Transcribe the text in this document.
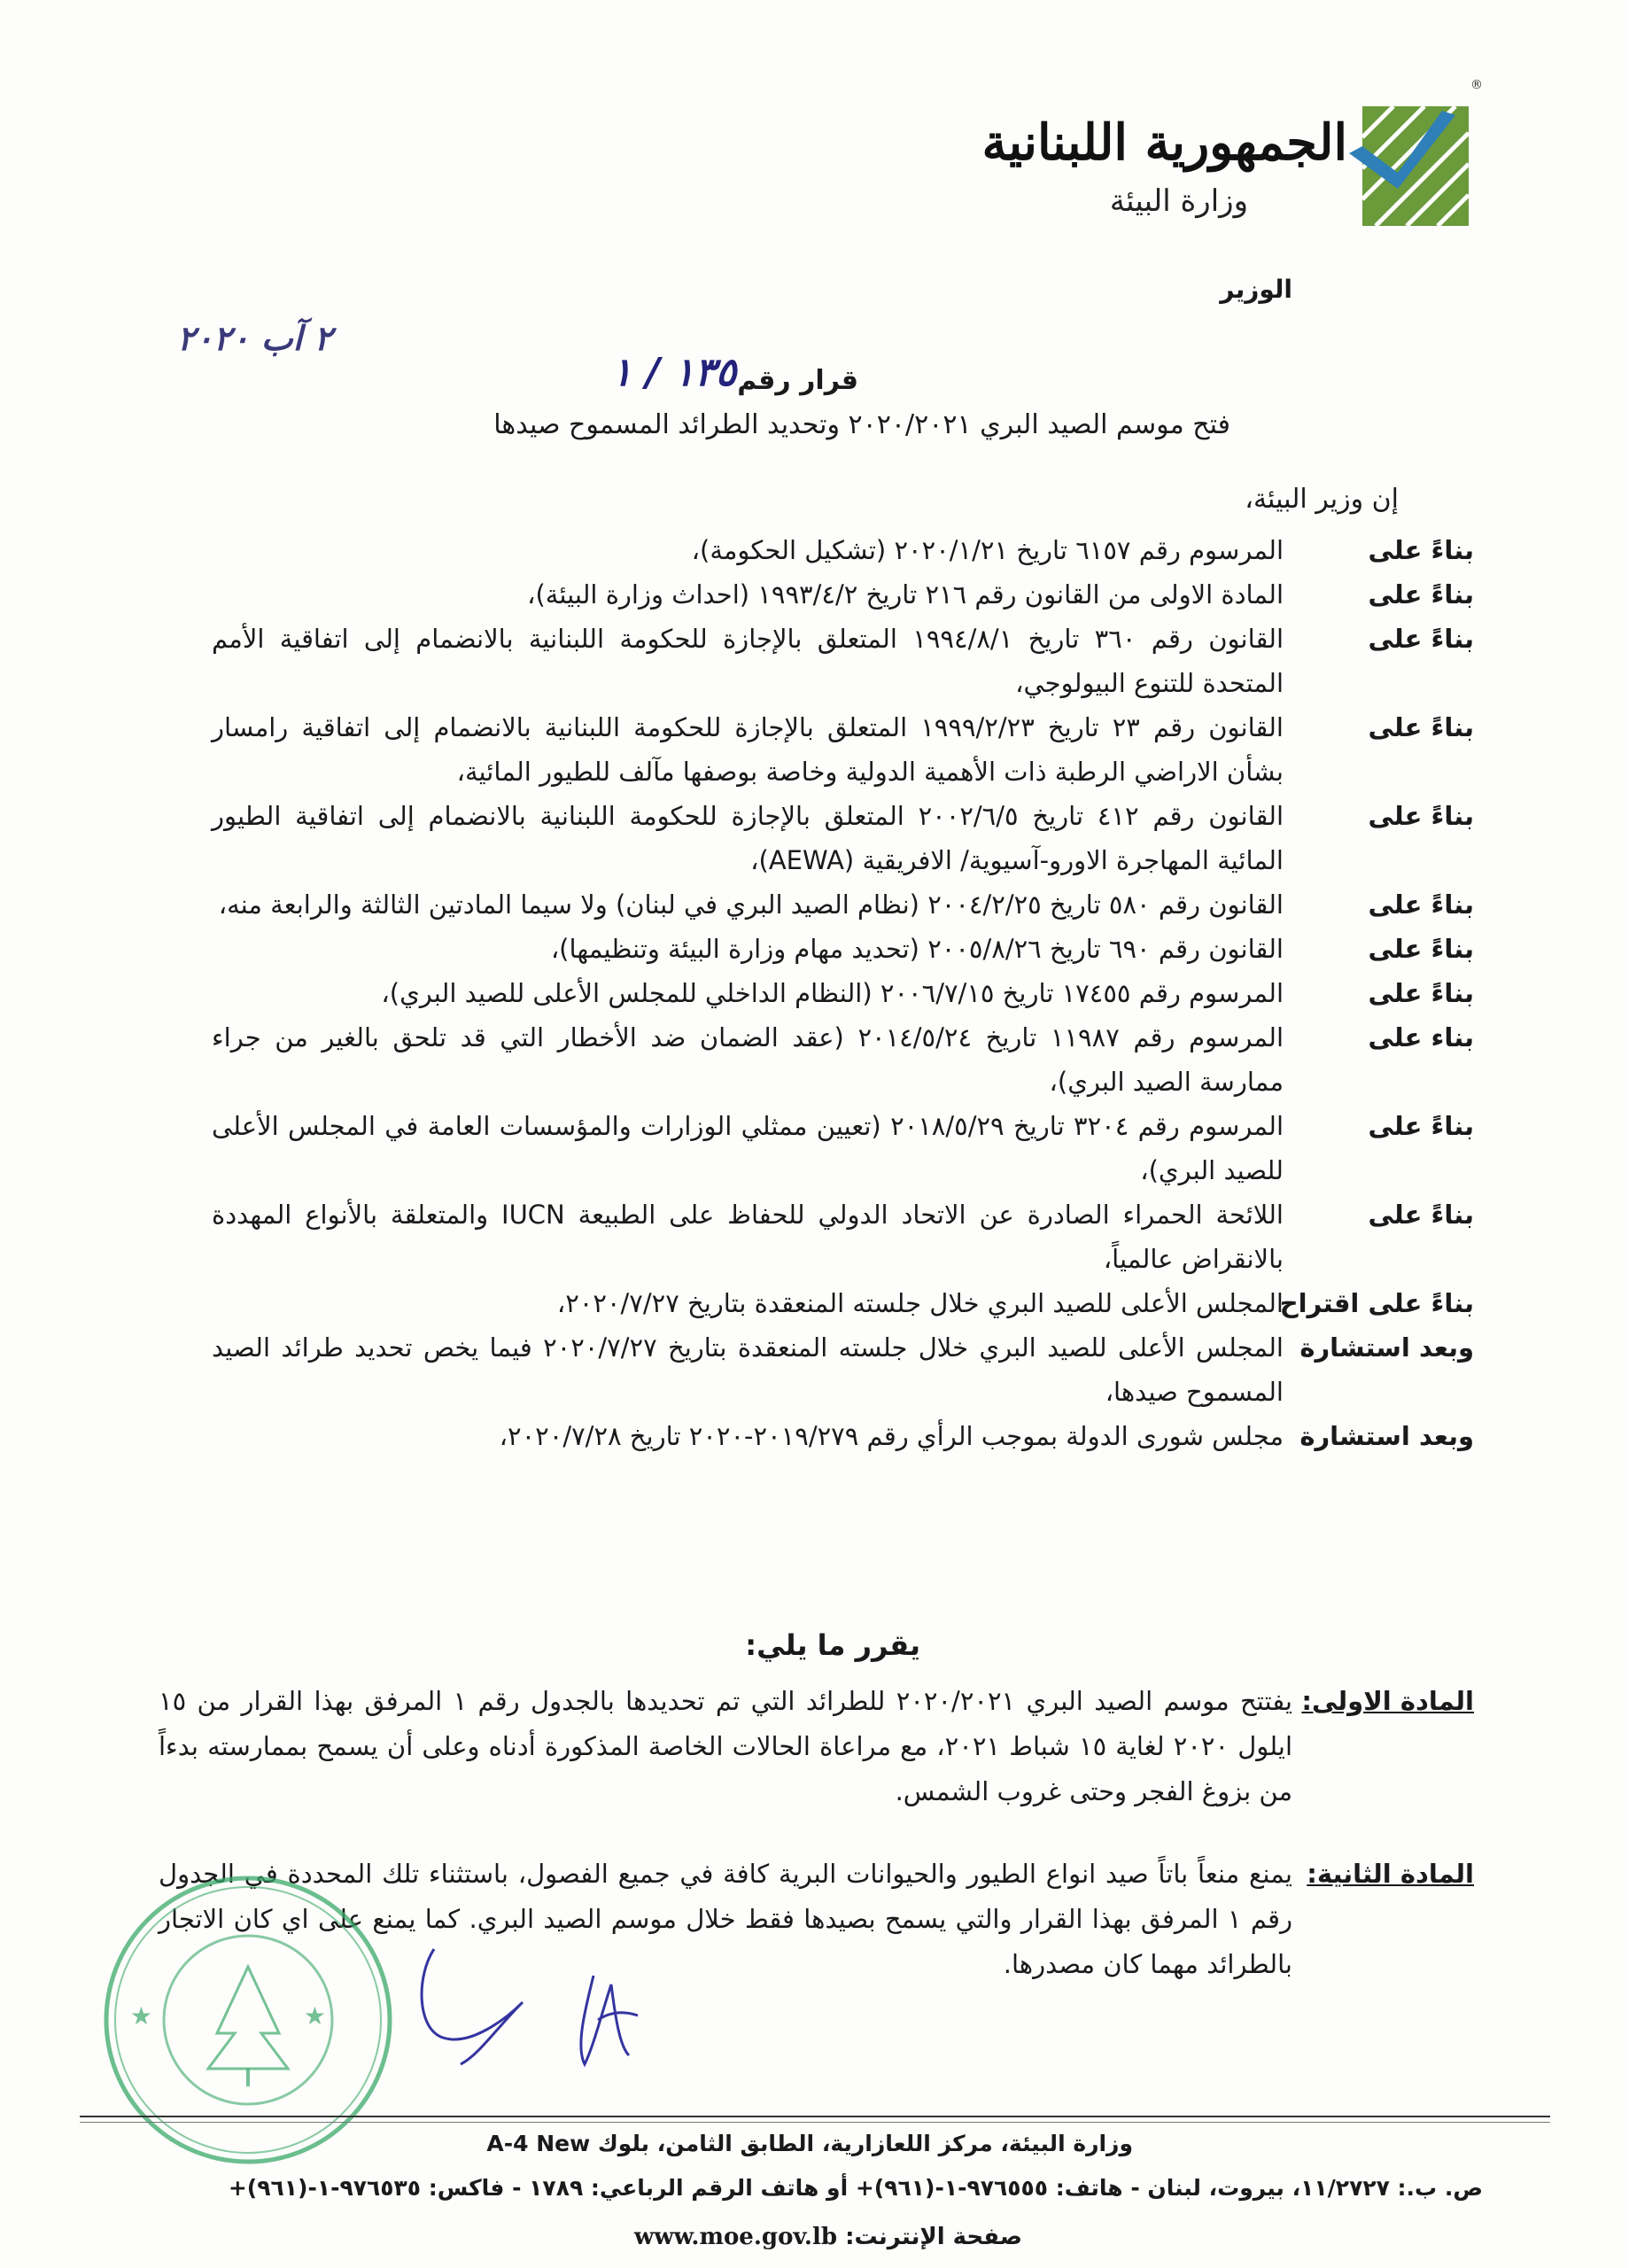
®
الجمهورية اللبنانية
وزارة البيئة
الوزير
٢ آب ٢٠٢٠
قرار رقم
١٣٥ / ١
فتح موسم الصيد البري ٢٠٢٠/٢٠٢١ وتحديد الطرائد المسموح صيدها
إن وزير البيئة،
بناءً على
المرسوم رقم ٦١٥٧ تاريخ ٢٠٢٠/١/٢١ (تشكيل الحكومة)،
بناءً على
المادة الاولى من القانون رقم ٢١٦ تاريخ ١٩٩٣/٤/٢ (احداث وزارة البيئة)،
بناءً على
القانون رقم ٣٦٠ تاريخ ١٩٩٤/٨/١ المتعلق بالإجازة للحكومة اللبنانية بالانضمام إلى اتفاقية الأمم المتحدة للتنوع البيولوجي،
بناءً على
القانون رقم ٢٣ تاريخ ١٩٩٩/٢/٢٣ المتعلق بالإجازة للحكومة اللبنانية بالانضمام إلى اتفاقية رامسار بشأن الاراضي الرطبة ذات الأهمية الدولية وخاصة بوصفها مآلف للطيور المائية،
بناءً على
القانون رقم ٤١٢ تاريخ ٢٠٠٢/٦/٥ المتعلق بالإجازة للحكومة اللبنانية بالانضمام إلى اتفاقية الطيور المائية المهاجرة الاورو-آسيوية/ الافريقية (AEWA)،
بناءً على
القانون رقم ٥٨٠ تاريخ ٢٠٠٤/٢/٢٥ (نظام الصيد البري في لبنان) ولا سيما المادتين الثالثة والرابعة منه،
بناءً على
القانون رقم ٦٩٠ تاريخ ٢٠٠٥/٨/٢٦ (تحديد مهام وزارة البيئة وتنظيمها)،
بناءً على
المرسوم رقم ١٧٤٥٥ تاريخ ٢٠٠٦/٧/١٥ (النظام الداخلي للمجلس الأعلى للصيد البري)،
بناء على
المرسوم رقم ١١٩٨٧ تاريخ ٢٠١٤/٥/٢٤ (عقد الضمان ضد الأخطار التي قد تلحق بالغير من جراء ممارسة الصيد البري)،
بناءً على
المرسوم رقم ٣٢٠٤ تاريخ ٢٠١٨/٥/٢٩ (تعيين ممثلي الوزارات والمؤسسات العامة في المجلس الأعلى للصيد البري)،
بناءً على
اللائحة الحمراء الصادرة عن الاتحاد الدولي للحفاظ على الطبيعة IUCN والمتعلقة بالأنواع المهددة بالانقراض عالمياً،
بناءً على اقتراح
المجلس الأعلى للصيد البري خلال جلسته المنعقدة بتاريخ ٢٠٢٠/٧/٢٧،
وبعد استشارة
المجلس الأعلى للصيد البري خلال جلسته المنعقدة بتاريخ ٢٠٢٠/٧/٢٧ فيما يخص تحديد طرائد الصيد المسموح صيدها،
وبعد استشارة
مجلس شورى الدولة بموجب الرأي رقم ٢٠١٩/٢٧٩-٢٠٢٠ تاريخ ٢٠٢٠/٧/٢٨،
يقرر ما يلي:
المادة الاولى:
يفتتح موسم الصيد البري ٢٠٢٠/٢٠٢١ للطرائد التي تم تحديدها بالجدول رقم ١ المرفق بهذا القرار من ١٥ ايلول ٢٠٢٠ لغاية ١٥ شباط ٢٠٢١، مع مراعاة الحالات الخاصة المذكورة أدناه وعلى أن يسمح بممارسته بدءاً من بزوغ الفجر وحتى غروب الشمس.
المادة الثانية:
يمنع منعاً باتاً صيد انواع الطيور والحيوانات البرية كافة في جميع الفصول، باستثناء تلك المحددة في الجدول رقم ١ المرفق بهذا القرار والتي يسمح بصيدها فقط خلال موسم الصيد البري. كما يمنع على اي كان الاتجار بالطرائد مهما كان مصدرها.
★	★
وزارة البيئة، مركز اللعازارية، الطابق الثامن، بلوك A-4 New
ص. ب.: ١١/٢٧٢٧، بيروت، لبنان - هاتف: ٩٧٦٥٥٥-١-(٩٦١)+ أو هاتف الرقم الرباعي: ١٧٨٩ - فاكس: ٩٧٦٥٣٥-١-(٩٦١)+
صفحة الإنترنت: www.moe.gov.lb
